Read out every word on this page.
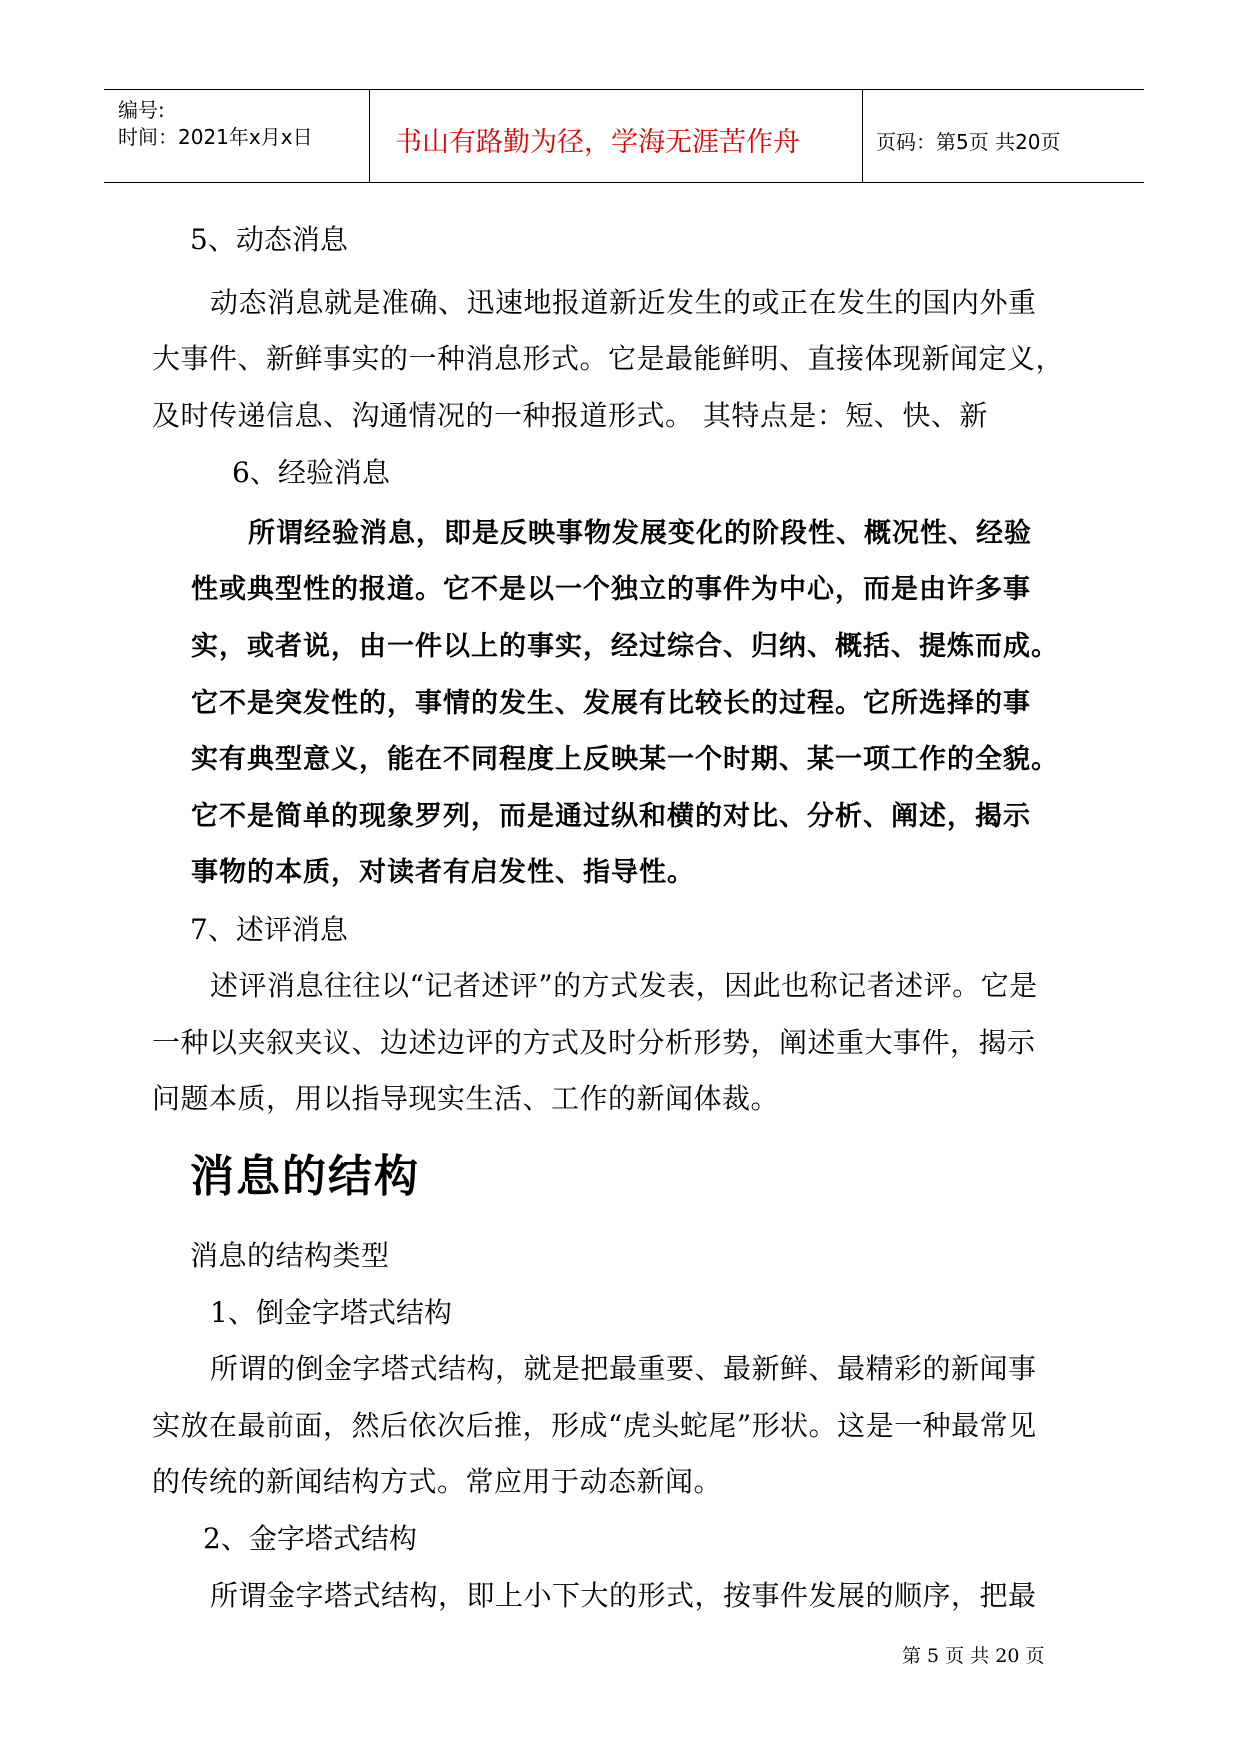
编号:
时间：2021年x月x日	书山有路勤为径，学海无涯苦作舟	页码：第5页 共20页
5、动态消息
动态消息就是准确、迅速地报道新近发生的或正在发生的国内外重
大事件、新鲜事实的一种消息形式。它是最能鲜明、直接体现新闻定义，
及时传递信息、沟通情况的一种报道形式。 其特点是：短、快、新
6、经验消息
所谓经验消息，即是反映事物发展变化的阶段性、概况性、经验
性或典型性的报道。它不是以一个独立的事件为中心，而是由许多事
实，或者说，由一件以上的事实，经过综合、归纳、概括、提炼而成。
它不是突发性的，事情的发生、发展有比较长的过程。它所选择的事
实有典型意义，能在不同程度上反映某一个时期、某一项工作的全貌。
它不是简单的现象罗列，而是通过纵和横的对比、分析、阐述，揭示
事物的本质，对读者有启发性、指导性。
7、述评消息
述评消息往往以“记者述评”的方式发表，因此也称记者述评。它是
一种以夹叙夹议、边述边评的方式及时分析形势，阐述重大事件，揭示
问题本质，用以指导现实生活、工作的新闻体裁。
消息的结构
消息的结构类型
1、倒金字塔式结构
所谓的倒金字塔式结构，就是把最重要、最新鲜、最精彩的新闻事
实放在最前面，然后依次后推，形成“虎头蛇尾”形状。这是一种最常见
的传统的新闻结构方式。常应用于动态新闻。
2、金字塔式结构
所谓金字塔式结构，即上小下大的形式，按事件发展的顺序，把最
第 5 页 共 20 页
